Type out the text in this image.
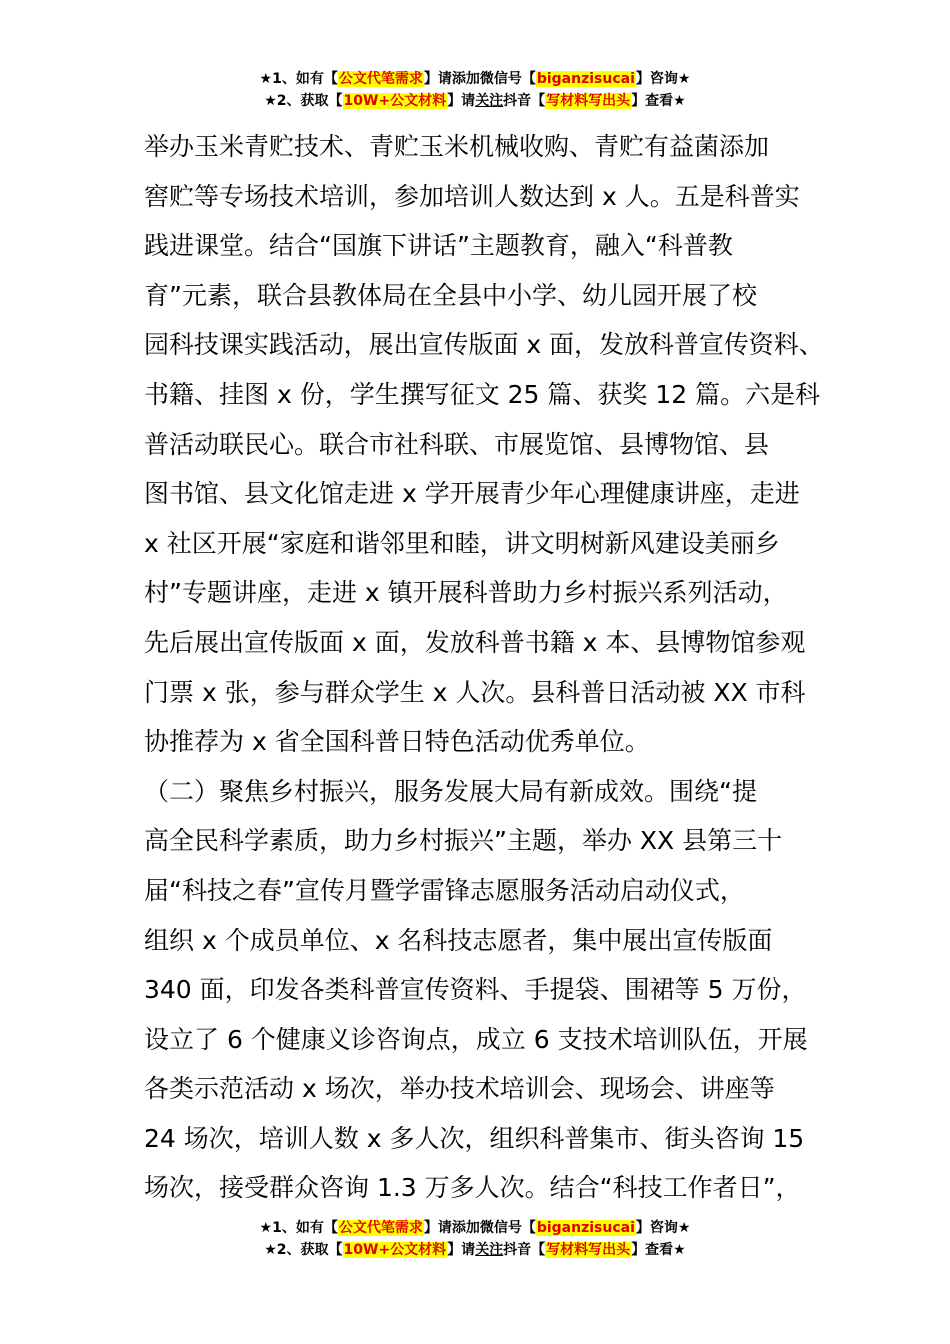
★1、如有【公文代笔需求】请添加微信号【biganzisucai】咨询★
★2、获取【10W+公文材料】请关注抖音【写材料写出头】查看★
举办玉米青贮技术、青贮玉米机械收购、青贮有益菌添加
窖贮等专场技术培训，参加培训人数达到 x 人。五是科普实
践进课堂。结合“国旗下讲话”主题教育，融入“科普教
育”元素，联合县教体局在全县中小学、幼儿园开展了校
园科技课实践活动，展出宣传版面 x 面，发放科普宣传资料、
书籍、挂图 x 份，学生撰写征文 25 篇、获奖 12 篇。六是科
普活动联民心。联合市社科联、市展览馆、县博物馆、县
图书馆、县文化馆走进 x 学开展青少年心理健康讲座，走进
x 社区开展“家庭和谐邻里和睦，讲文明树新风建设美丽乡
村”专题讲座，走进 x 镇开展科普助力乡村振兴系列活动，
先后展出宣传版面 x 面，发放科普书籍 x 本、县博物馆参观
门票 x 张，参与群众学生 x 人次。县科普日活动被 XX 市科
协推荐为 x 省全国科普日特色活动优秀单位。
（二）聚焦乡村振兴，服务发展大局有新成效。围绕“提
高全民科学素质，助力乡村振兴”主题，举办 XX 县第三十
届“科技之春”宣传月暨学雷锋志愿服务活动启动仪式，
组织 x 个成员单位、x 名科技志愿者，集中展出宣传版面
340 面，印发各类科普宣传资料、手提袋、围裙等 5 万份，
设立了 6 个健康义诊咨询点，成立 6 支技术培训队伍，开展
各类示范活动 x 场次，举办技术培训会、现场会、讲座等
24 场次，培训人数 x 多人次，组织科普集市、街头咨询 15
场次，接受群众咨询 1.3 万多人次。结合“科技工作者日”，
★1、如有【公文代笔需求】请添加微信号【biganzisucai】咨询★
★2、获取【10W+公文材料】请关注抖音【写材料写出头】查看★
